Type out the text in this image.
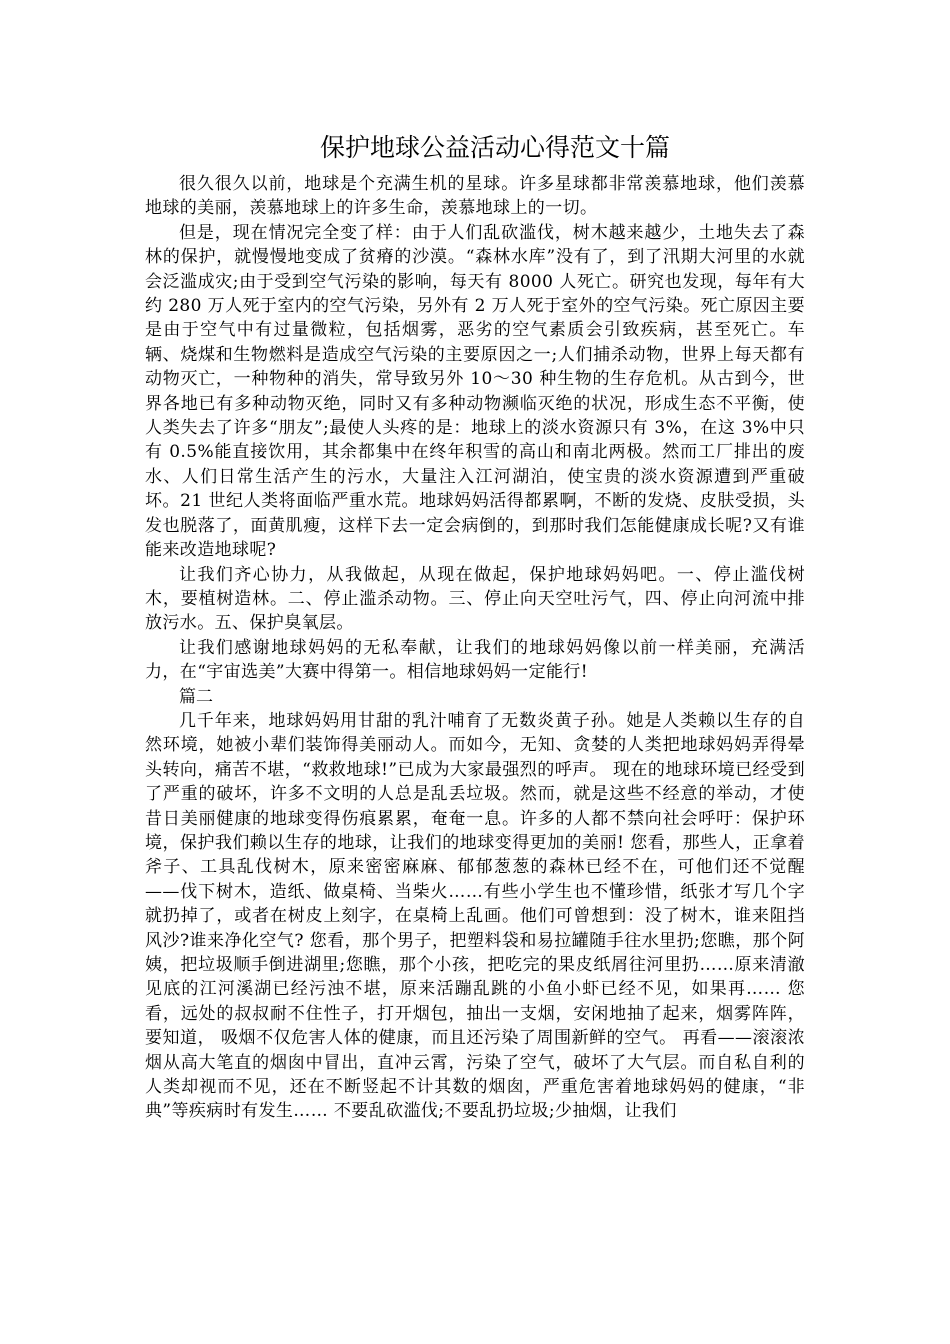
保护地球公益活动心得范文十篇

很久很久以前，地球是个充满生机的星球。许多星球都非常羡慕地球，他们羡慕地球的美丽，羡慕地球上的许多生命，羡慕地球上的一切。

但是，现在情况完全变了样：由于人们乱砍滥伐，树木越来越少，土地失去了森林的保护，就慢慢地变成了贫瘠的沙漠。“森林水库”没有了，到了汛期大河里的水就会泛滥成灾;由于受到空气污染的影响，每天有 8000 人死亡。研究也发现，每年有大约 280 万人死于室内的空气污染，另外有 2 万人死于室外的空气污染。死亡原因主要是由于空气中有过量微粒，包括烟雾，恶劣的空气素质会引致疾病，甚至死亡。车辆、烧煤和生物燃料是造成空气污染的主要原因之一;人们捕杀动物，世界上每天都有动物灭亡，一种物种的消失，常导致另外 10～30 种生物的生存危机。从古到今，世界各地已有多种动物灭绝，同时又有多种动物濒临灭绝的状况，形成生态不平衡，使人类失去了许多“朋友”;最使人头疼的是：地球上的淡水资源只有 3%，在这 3%中只有 0.5%能直接饮用，其余都集中在终年积雪的高山和南北两极。然而工厂排出的废水、人们日常生活产生的污水，大量注入江河湖泊，使宝贵的淡水资源遭到严重破坏。21 世纪人类将面临严重水荒。地球妈妈活得都累啊，不断的发烧、皮肤受损，头发也脱落了，面黄肌瘦，这样下去一定会病倒的，到那时我们怎能健康成长呢?又有谁能来改造地球呢?

让我们齐心协力，从我做起，从现在做起，保护地球妈妈吧。一、停止滥伐树木，要植树造林。二、停止滥杀动物。三、停止向天空吐污气，四、停止向河流中排放污水。五、保护臭氧层。

让我们感谢地球妈妈的无私奉献，让我们的地球妈妈像以前一样美丽，充满活力，在“宇宙选美”大赛中得第一。相信地球妈妈一定能行!

篇二

几千年来，地球妈妈用甘甜的乳汁哺育了无数炎黄子孙。她是人类赖以生存的自然环境，她被小辈们装饰得美丽动人。而如今，无知、贪婪的人类把地球妈妈弄得晕头转向，痛苦不堪，“救救地球!”已成为大家最强烈的呼声。 现在的地球环境已经受到了严重的破坏，许多不文明的人总是乱丢垃圾。然而，就是这些不经意的举动，才使昔日美丽健康的地球变得伤痕累累，奄奄一息。许多的人都不禁向社会呼吁：保护环境，保护我们赖以生存的地球，让我们的地球变得更加的美丽! 您看，那些人，正拿着斧子、工具乱伐树木，原来密密麻麻、郁郁葱葱的森林已经不在，可他们还不觉醒——伐下树木，造纸、做桌椅、当柴火……有些小学生也不懂珍惜，纸张才写几个字就扔掉了，或者在树皮上刻字，在桌椅上乱画。他们可曾想到：没了树木，谁来阻挡风沙?谁来净化空气? 您看，那个男子，把塑料袋和易拉罐随手往水里扔;您瞧，那个阿姨，把垃圾顺手倒进湖里;您瞧，那个小孩，把吃完的果皮纸屑往河里扔……原来清澈见底的江河溪湖已经污浊不堪，原来活蹦乱跳的小鱼小虾已经不见，如果再…… 您看，远处的叔叔耐不住性子，打开烟包，抽出一支烟，安闲地抽了起来，烟雾阵阵， 要知道， 吸烟不仅危害人体的健康，而且还污染了周围新鲜的空气。 再看——滚滚浓烟从高大笔直的烟囱中冒出，直冲云霄，污染了空气，破坏了大气层。而自私自利的人类却视而不见，还在不断竖起不计其数的烟囱，严重危害着地球妈妈的健康，“非典”等疾病时有发生…… 不要乱砍滥伐;不要乱扔垃圾;少抽烟，让我们
